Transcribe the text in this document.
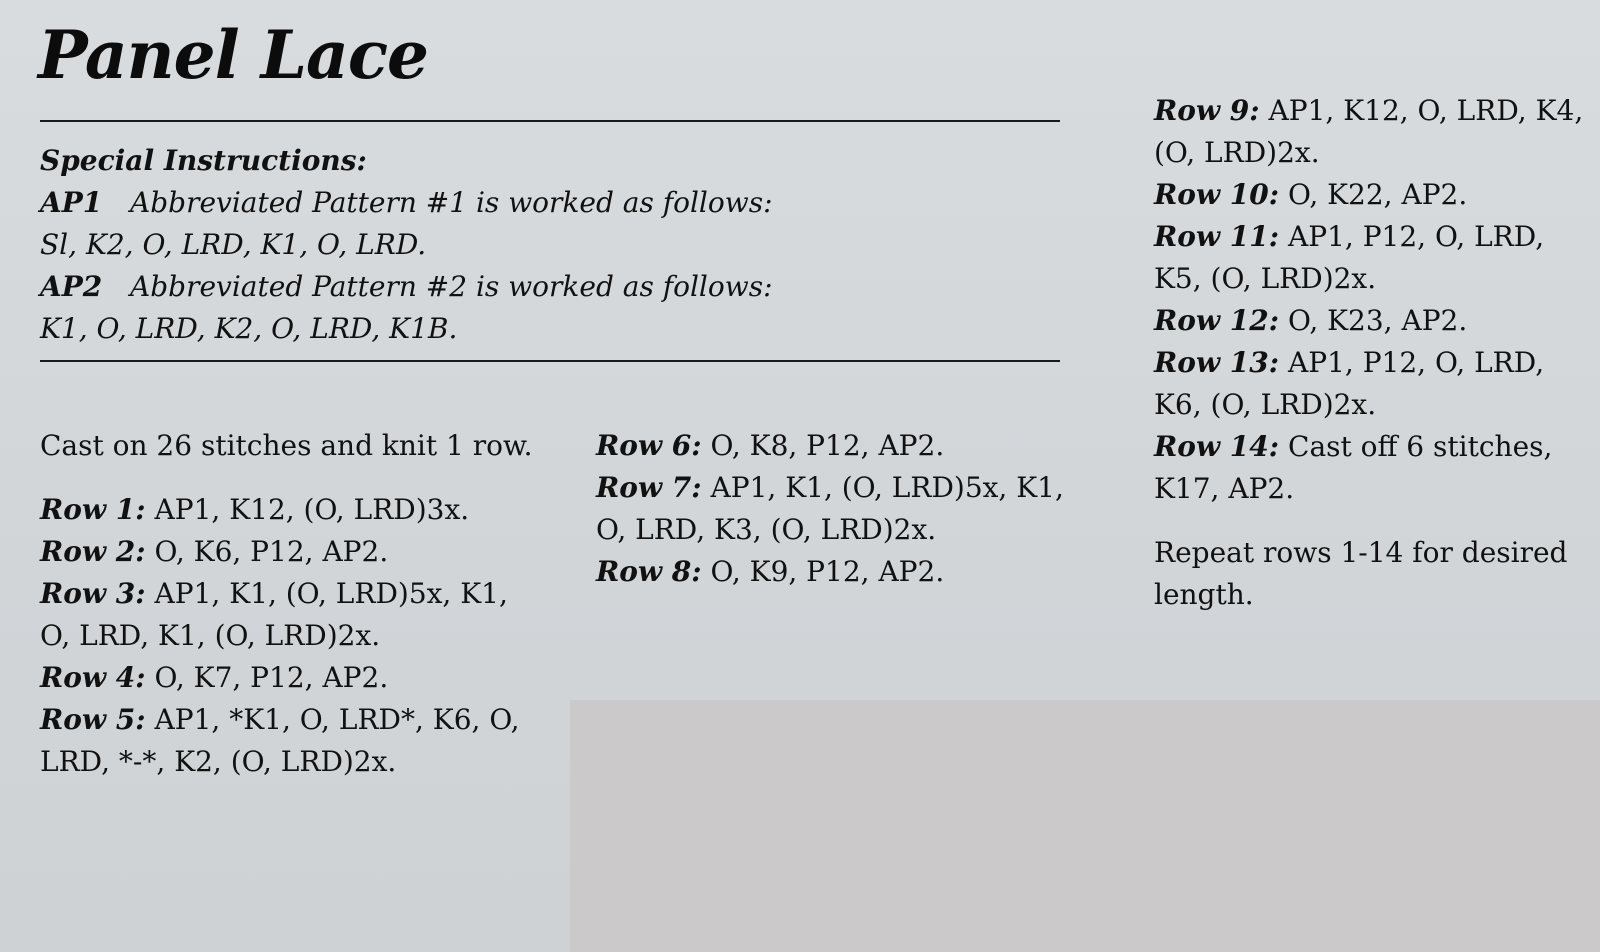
Panel Lace
Special Instructions:
AP1 Abbreviated Pattern #1 is worked as follows:
Sl, K2, O, LRD, K1, O, LRD.
AP2 Abbreviated Pattern #2 is worked as follows:
K1, O, LRD, K2, O, LRD, K1B.

Cast on 26 stitches and knit 1 row.

Row 1: AP1, K12, (O, LRD)3x.

Row 2: O, K6, P12, AP2.

Row 3: AP1, K1, (O, LRD)5x, K1, O, LRD, K1, (O, LRD)2x.

Row 4: O, K7, P12, AP2.

Row 5: AP1, *K1, O, LRD*, K6, O, LRD, *-*, K2, (O, LRD)2x.

Row 6: O, K8, P12, AP2.

Row 7: AP1, K1, (O, LRD)5x, K1, O, LRD, K3, (O, LRD)2x.

Row 8: O, K9, P12, AP2.

Row 9: AP1, K12, O, LRD, K4, (O, LRD)2x.

Row 10: O, K22, AP2.

Row 11: AP1, P12, O, LRD, K5, (O, LRD)2x.

Row 12: O, K23, AP2.

Row 13: AP1, P12, O, LRD, K6, (O, LRD)2x.

Row 14: Cast off 6 stitches, K17, AP2.

Repeat rows 1-14 for desired length.
